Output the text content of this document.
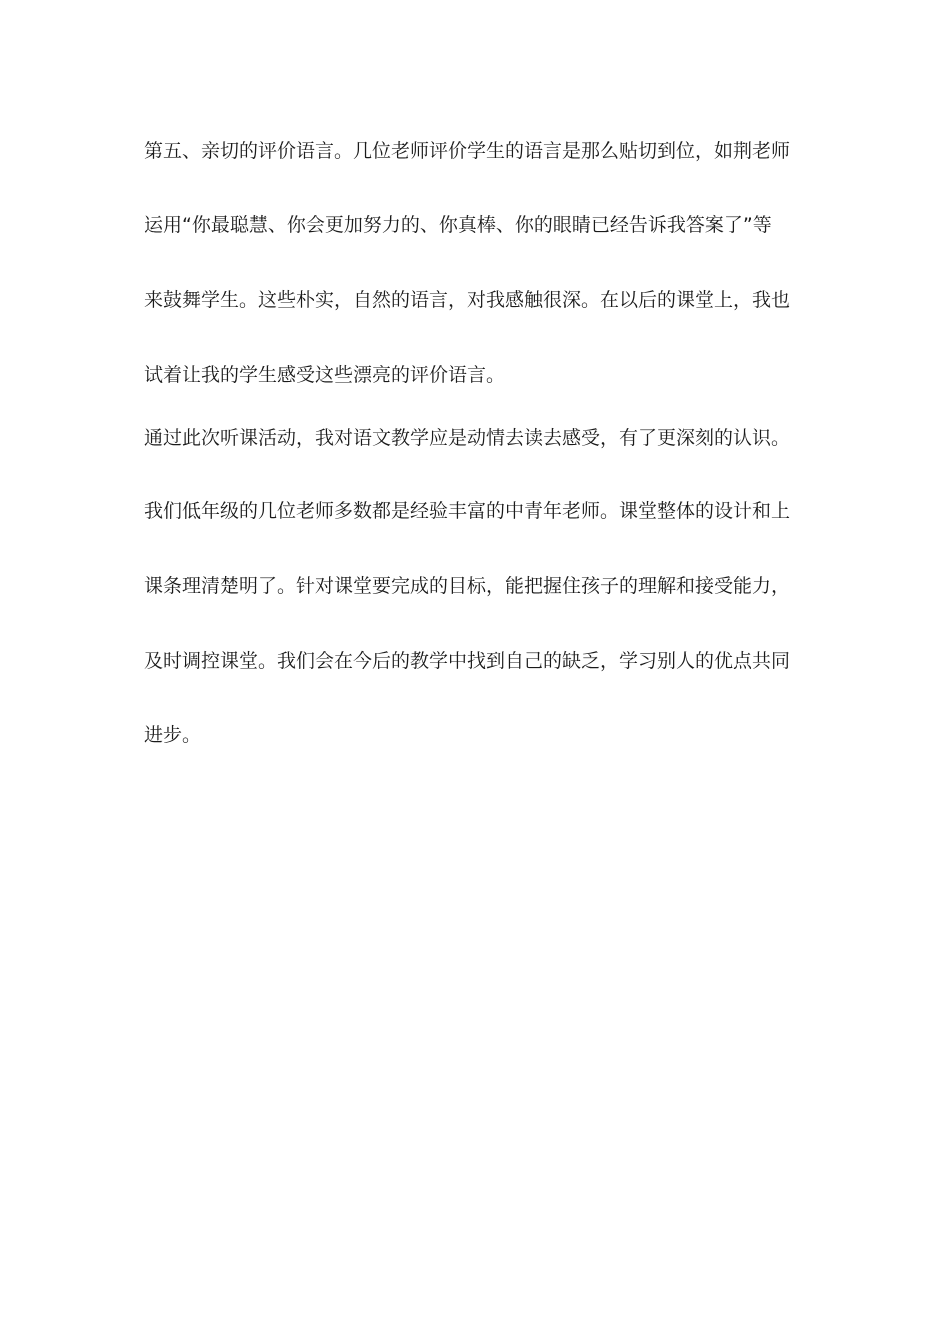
第五、亲切的评价语言。几位老师评价学生的语言是那么贴切到位，如荆老师
运用“你最聪慧、你会更加努力的、你真棒、你的眼睛已经告诉我答案了”等
来鼓舞学生。这些朴实，自然的语言，对我感触很深。在以后的课堂上，我也
试着让我的学生感受这些漂亮的评价语言。
通过此次听课活动，我对语文教学应是动情去读去感受，有了更深刻的认识。
我们低年级的几位老师多数都是经验丰富的中青年老师。课堂整体的设计和上
课条理清楚明了。针对课堂要完成的目标，能把握住孩子的理解和接受能力，
及时调控课堂。我们会在今后的教学中找到自己的缺乏，学习别人的优点共同
进步。
